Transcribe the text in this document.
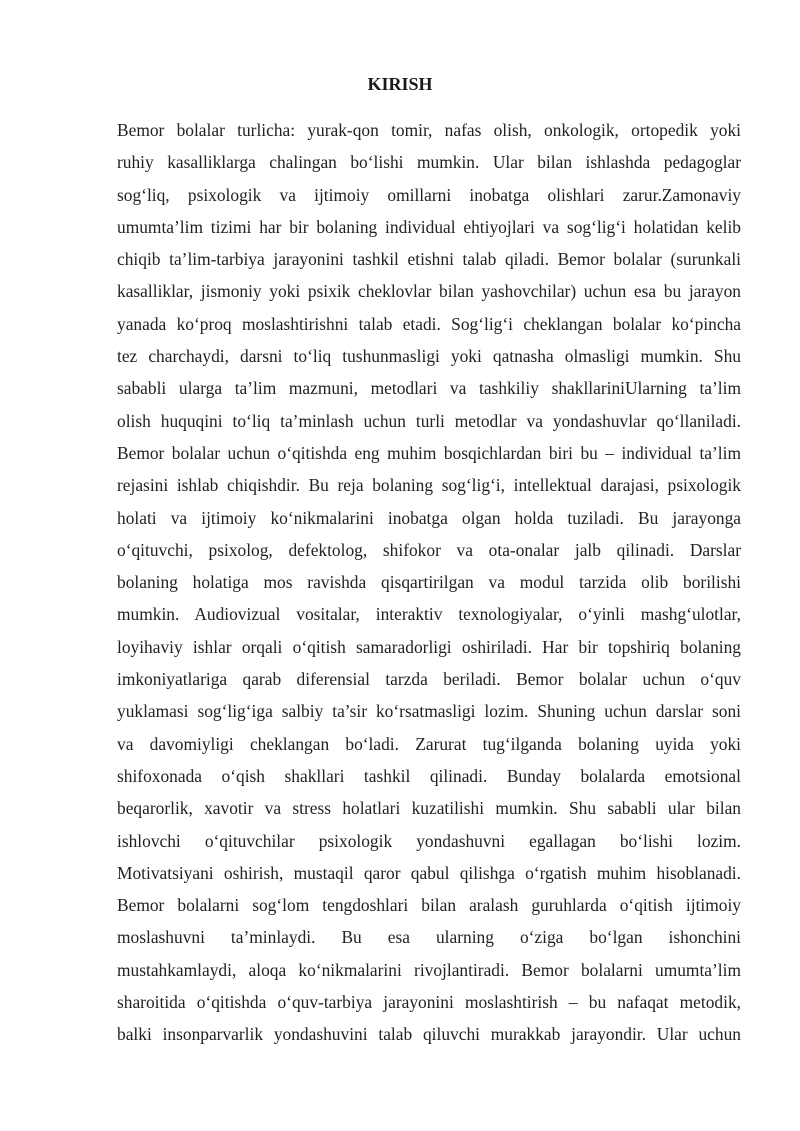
KIRISH
Bemor bolalar turlicha: yurak-qon tomir, nafas olish, onkologik, ortopedik yoki
ruhiy kasalliklarga chalingan bo‘lishi mumkin. Ular bilan ishlashda pedagoglar
sog‘liq, psixologik va ijtimoiy omillarni inobatga olishlari zarur.Zamonaviy
umumta’lim tizimi har bir bolaning individual ehtiyojlari va sog‘lig‘i holatidan kelib
chiqib ta’lim-tarbiya jarayonini tashkil etishni talab qiladi. Bemor bolalar (surunkali
kasalliklar, jismoniy yoki psixik cheklovlar bilan yashovchilar) uchun esa bu jarayon
yanada ko‘proq moslashtirishni talab etadi. Sog‘lig‘i cheklangan bolalar ko‘pincha
tez charchaydi, darsni to‘liq tushunmasligi yoki qatnasha olmasligi mumkin. Shu
sababli ularga ta’lim mazmuni, metodlari va tashkiliy shakllariniUlarning ta’lim
olish huquqini to‘liq ta’minlash uchun turli metodlar va yondashuvlar qo‘llaniladi.
Bemor bolalar uchun o‘qitishda eng muhim bosqichlardan biri bu – individual ta’lim
rejasini ishlab chiqishdir. Bu reja bolaning sog‘lig‘i, intellektual darajasi, psixologik
holati va ijtimoiy ko‘nikmalarini inobatga olgan holda tuziladi. Bu jarayonga
o‘qituvchi, psixolog, defektolog, shifokor va ota-onalar jalb qilinadi. Darslar
bolaning holatiga mos ravishda qisqartirilgan va modul tarzida olib borilishi
mumkin. Audiovizual vositalar, interaktiv texnologiyalar, o‘yinli mashg‘ulotlar,
loyihaviy ishlar orqali o‘qitish samaradorligi oshiriladi. Har bir topshiriq bolaning
imkoniyatlariga qarab diferensial tarzda beriladi. Bemor bolalar uchun o‘quv
yuklamasi sog‘lig‘iga salbiy ta’sir ko‘rsatmasligi lozim. Shuning uchun darslar soni
va davomiyligi cheklangan bo‘ladi. Zarurat tug‘ilganda bolaning uyida yoki
shifoxonada o‘qish shakllari tashkil qilinadi. Bunday bolalarda emotsional
beqarorlik, xavotir va stress holatlari kuzatilishi mumkin. Shu sababli ular bilan
ishlovchi o‘qituvchilar psixologik yondashuvni egallagan bo‘lishi lozim.
Motivatsiyani oshirish, mustaqil qaror qabul qilishga o‘rgatish muhim hisoblanadi.
Bemor bolalarni sog‘lom tengdoshlari bilan aralash guruhlarda o‘qitish ijtimoiy
moslashuvni ta’minlaydi. Bu esa ularning o‘ziga bo‘lgan ishonchini
mustahkamlaydi, aloqa ko‘nikmalarini rivojlantiradi. Bemor bolalarni umumta’lim
sharoitida o‘qitishda o‘quv-tarbiya jarayonini moslashtirish – bu nafaqat metodik,
balki insonparvarlik yondashuvini talab qiluvchi murakkab jarayondir. Ular uchun
